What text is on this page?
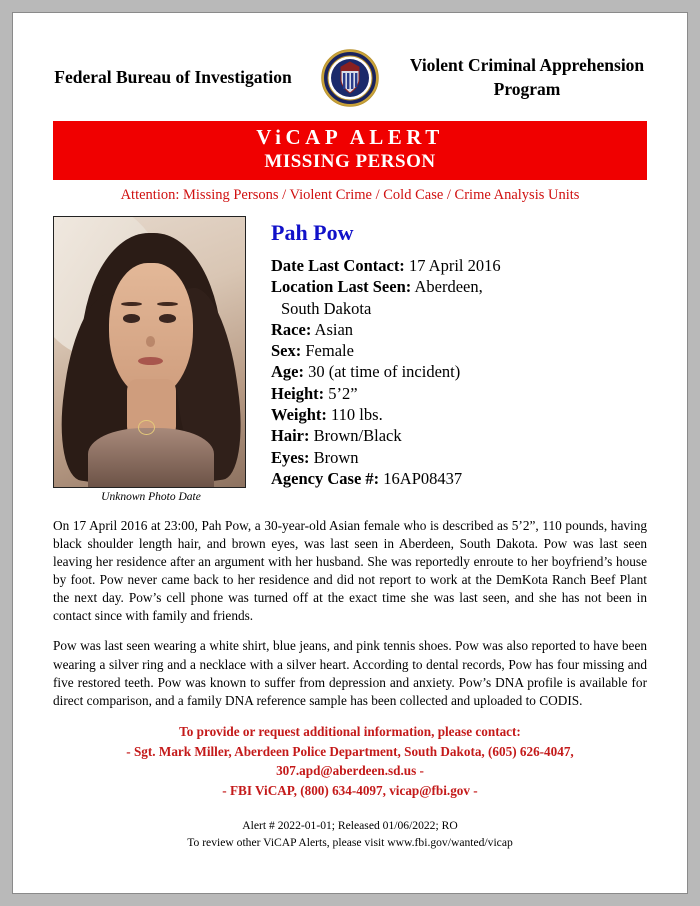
Federal Bureau of Investigation
Violent Criminal Apprehension Program
ViCAP ALERT
MISSING PERSON
Attention: Missing Persons / Violent Crime / Cold Case / Crime Analysis Units
Unknown Photo Date
Pah Pow
Date Last Contact: 17 April 2016
Location Last Seen: Aberdeen,
South Dakota
Race: Asian
Sex: Female
Age: 30 (at time of incident)
Height: 5’2”
Weight: 110 lbs.
Hair: Brown/Black
Eyes: Brown
Agency Case #: 16AP08437

On 17 April 2016 at 23:00, Pah Pow, a 30-year-old Asian female who is described as 5’2”, 110 pounds, having black shoulder length hair, and brown eyes, was last seen in Aberdeen, South Dakota. Pow was last seen leaving her residence after an argument with her husband. She was reportedly enroute to her boyfriend’s house by foot. Pow never came back to her residence and did not report to work at the DemKota Ranch Beef Plant the next day. Pow’s cell phone was turned off at the exact time she was last seen, and she has not been in contact since with family and friends.

Pow was last seen wearing a white shirt, blue jeans, and pink tennis shoes. Pow was also reported to have been wearing a silver ring and a necklace with a silver heart. According to dental records, Pow has four missing and five restored teeth. Pow was known to suffer from depression and anxiety. Pow’s DNA profile is available for direct comparison, and a family DNA reference sample has been collected and uploaded to CODIS.

To provide or request additional information, please contact:
- Sgt. Mark Miller, Aberdeen Police Department, South Dakota, (605) 626-4047,
307.apd@aberdeen.sd.us -
- FBI ViCAP, (800) 634-4097, vicap@fbi.gov -
Alert # 2022-01-01; Released 01/06/2022; RO
To review other ViCAP Alerts, please visit www.fbi.gov/wanted/vicap
